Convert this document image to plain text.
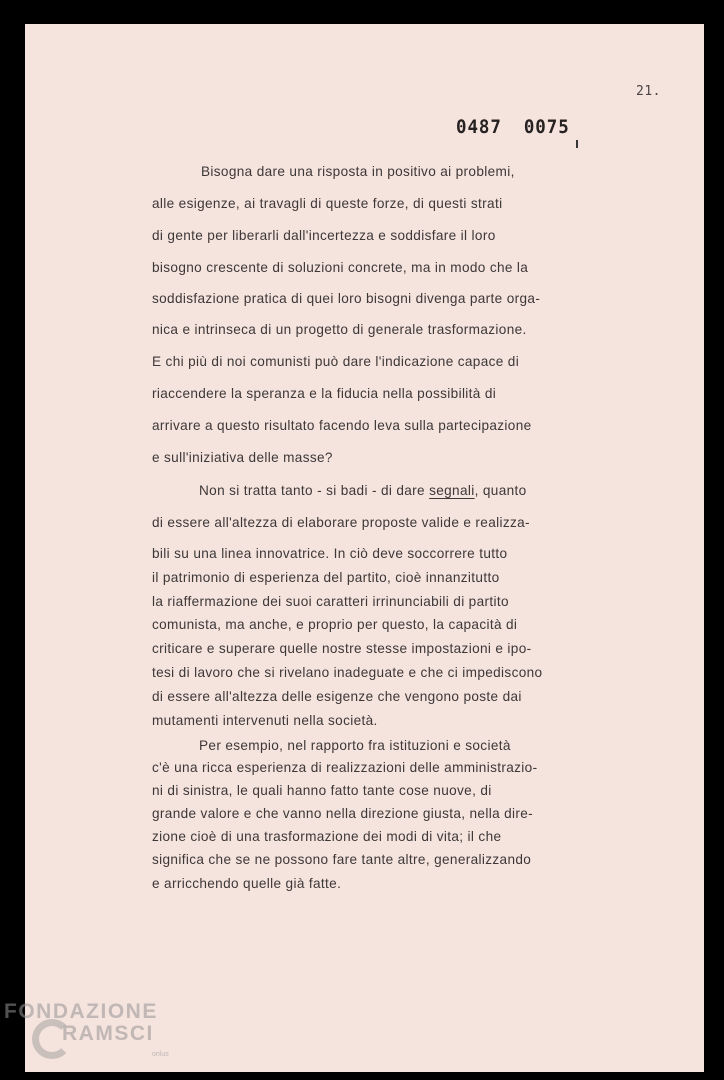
21.
0487 0075
Bisogna dare una risposta in positivo ai problemi,
alle esigenze, ai travagli di queste forze, di questi strati
di gente per liberarli dall'incertezza e soddisfare il loro
bisogno crescente di soluzioni concrete, ma in modo che la
soddisfazione pratica di quei loro bisogni divenga parte orga-
nica e intrinseca di un progetto di generale trasformazione.
E chi più di noi comunisti può dare l'indicazione capace di
riaccendere la speranza e la fiducia nella possibilità di
arrivare a questo risultato facendo leva sulla partecipazione
e sull'iniziativa delle masse?
Non si tratta tanto - si badi - di dare segnali, quanto
di essere all'altezza di elaborare proposte valide e realizza-
bili su una linea innovatrice. In ciò deve soccorrere tutto
il patrimonio di esperienza del partito, cioè innanzitutto
la riaffermazione dei suoi caratteri irrinunciabili di partito
comunista, ma anche, e proprio per questo, la capacità di
criticare e superare quelle nostre stesse impostazioni e ipo-
tesi di lavoro che si rivelano inadeguate e che ci impediscono
di essere all'altezza delle esigenze che vengono poste dai
mutamenti intervenuti nella società.
Per esempio, nel rapporto fra istituzioni e società
c'è una ricca esperienza di realizzazioni delle amministrazio-
ni di sinistra, le quali hanno fatto tante cose nuove, di
grande valore e che vanno nella direzione giusta, nella dire-
zione cioè di una trasformazione dei modi di vita; il che
significa che se ne possono fare tante altre, generalizzando
e arricchendo quelle già fatte.
FONDAZIONE
RAMSCI
onlus
